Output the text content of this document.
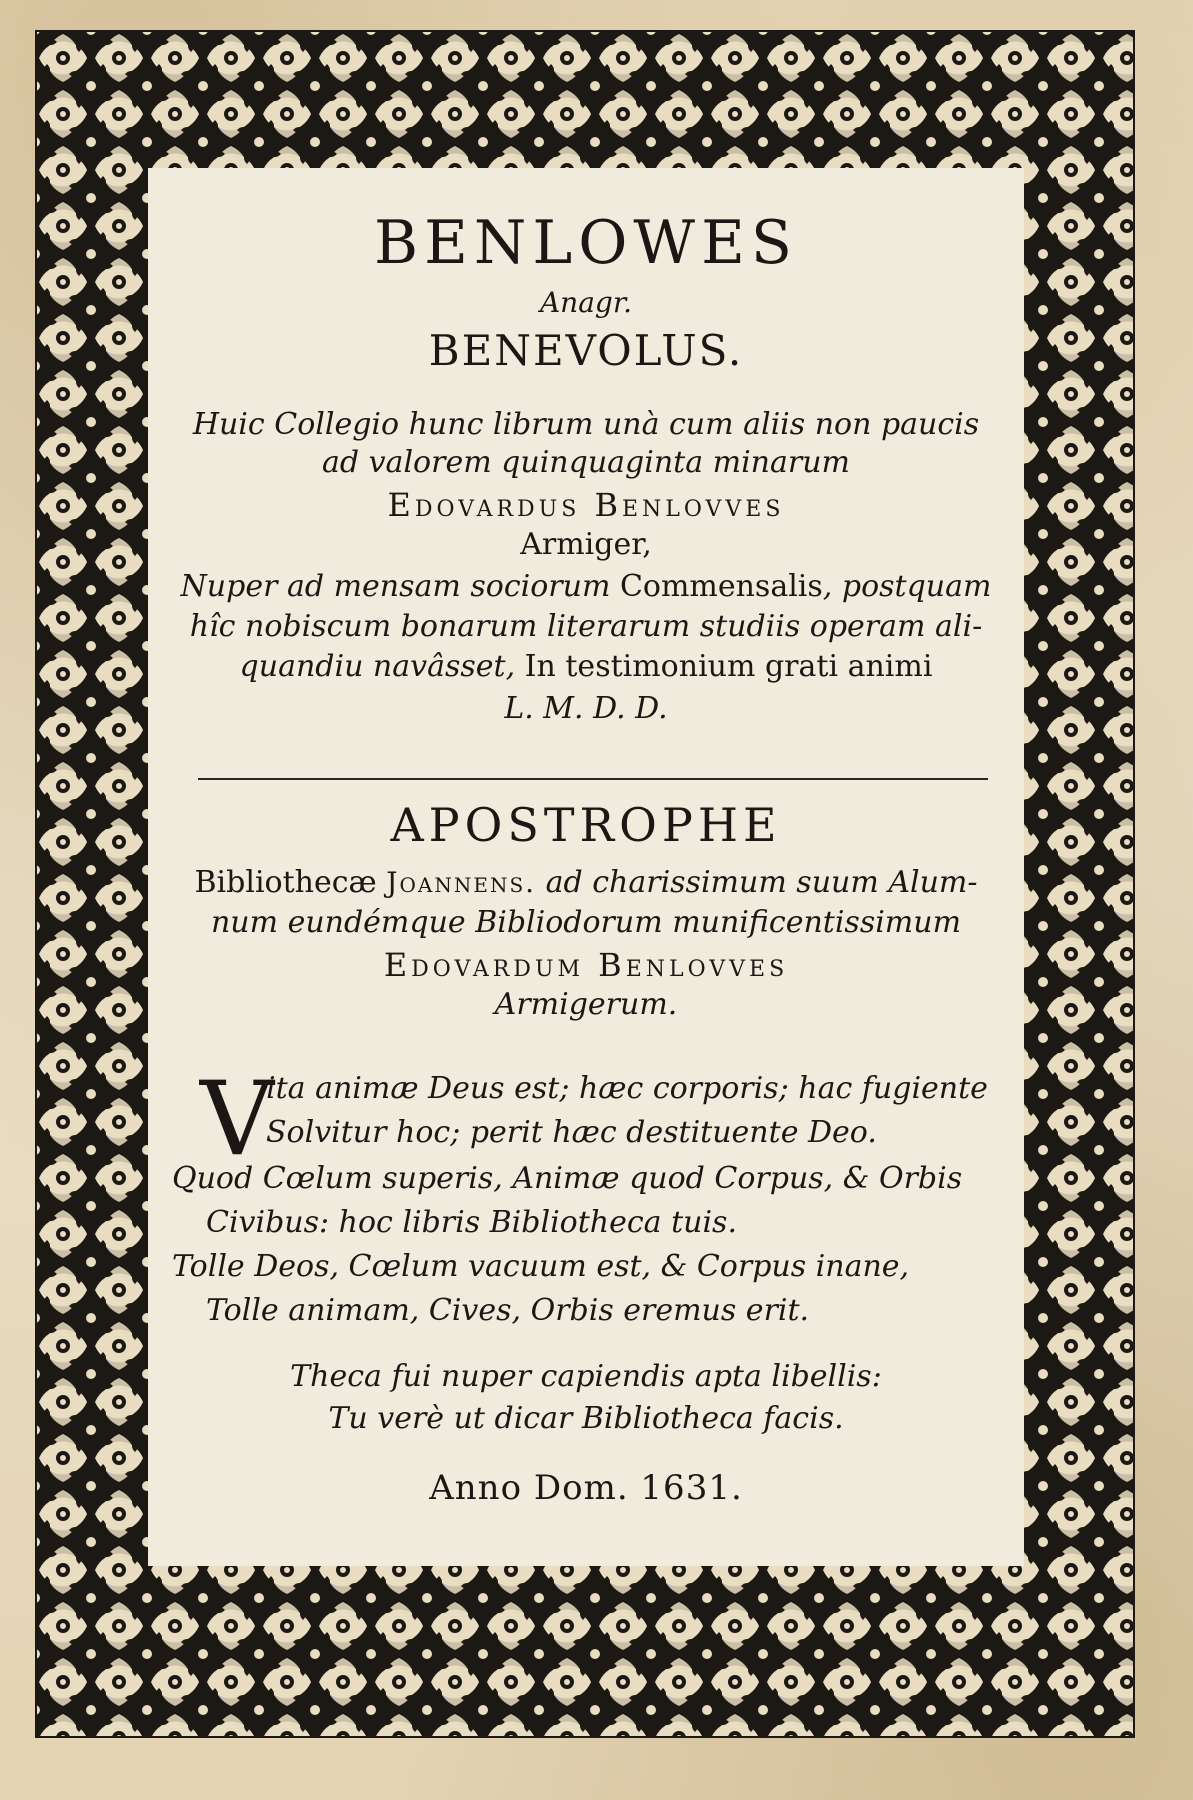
BENLOWES
Anagr.
BENEVOLUS.
Huic Collegio hunc librum unà cum aliis non paucis
ad valorem quinquaginta minarum
Edovardus Benlovves
Armiger,
Nuper ad mensam sociorum Commensalis, postquam
hîc nobiscum bonarum literarum studiis operam ali-
quandiu navâsset, In testimonium grati animi
L. M. D. D.
APOSTROPHE
Bibliothecæ Joannens. ad charissimum suum Alum-
num eundémque Bibliodorum munificentissimum
Edovardum Benlovves
Armigerum.
V
ita animæ Deus est; hæc corporis; hac fugiente
Solvitur hoc; perit hæc destituente Deo.
Quod Cœlum superis, Animæ quod Corpus, & Orbis
Civibus: hoc libris Bibliotheca tuis.
Tolle Deos, Cœlum vacuum est, & Corpus inane,
Tolle animam, Cives, Orbis eremus erit.
Theca fui nuper capiendis apta libellis:
Tu verè ut dicar Bibliotheca facis.
Anno Dom. 1631.
